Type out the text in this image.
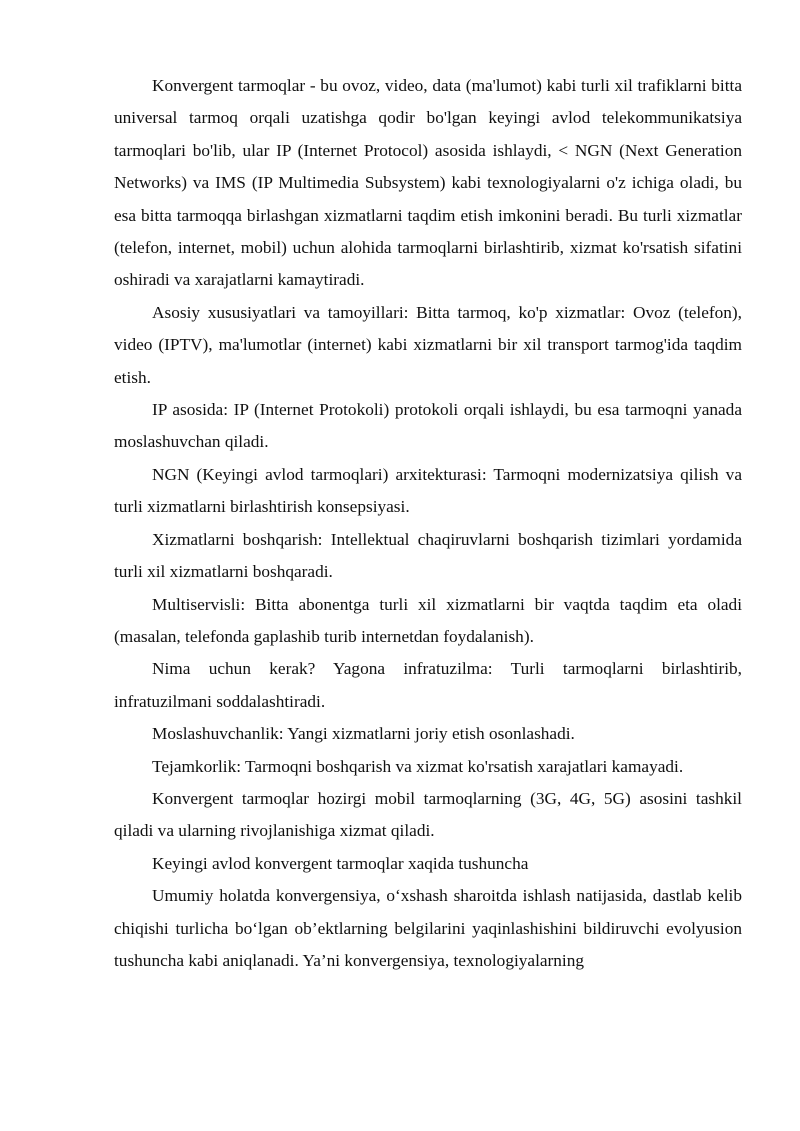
Konvergent tarmoqlar - bu ovoz, video, data (ma'lumot) kabi turli xil trafiklarni bitta universal tarmoq orqali uzatishga qodir bo'lgan keyingi avlod telekommunikatsiya tarmoqlari bo'lib, ular IP (Internet Protocol) asosida ishlaydi, < NGN (Next Generation Networks) va IMS (IP Multimedia Subsystem) kabi texnologiyalarni o'z ichiga oladi, bu esa bitta tarmoqqa birlashgan xizmatlarni taqdim etish imkonini beradi. Bu turli xizmatlar (telefon, internet, mobil) uchun alohida tarmoqlarni birlashtirib, xizmat ko'rsatish sifatini oshiradi va xarajatlarni kamaytiradi.

Asosiy xususiyatlari va tamoyillari: Bitta tarmoq, ko'p xizmatlar: Ovoz (telefon), video (IPTV), ma'lumotlar (internet) kabi xizmatlarni bir xil transport tarmog'ida taqdim etish.

IP asosida: IP (Internet Protokoli) protokoli orqali ishlaydi, bu esa tarmoqni yanada moslashuvchan qiladi.

NGN (Keyingi avlod tarmoqlari) arxitekturasi: Tarmoqni modernizatsiya qilish va turli xizmatlarni birlashtirish konsepsiyasi.

Xizmatlarni boshqarish: Intellektual chaqiruvlarni boshqarish tizimlari yordamida turli xil xizmatlarni boshqaradi.

Multiservisli: Bitta abonentga turli xil xizmatlarni bir vaqtda taqdim eta oladi (masalan, telefonda gaplashib turib internetdan foydalanish).

Nima uchun kerak? Yagona infratuzilma: Turli tarmoqlarni birlashtirib, infratuzilmani soddalashtiradi.

Moslashuvchanlik: Yangi xizmatlarni joriy etish osonlashadi.

Tejamkorlik: Tarmoqni boshqarish va xizmat ko'rsatish xarajatlari kamayadi.

Konvergent tarmoqlar hozirgi mobil tarmoqlarning (3G, 4G, 5G) asosini tashkil qiladi va ularning rivojlanishiga xizmat qiladi.

Keyingi avlod konvergent tarmoqlar xaqida tushuncha

Umumiy holatda konvergensiya, o‘xshash sharoitda ishlash natijasida, dastlab kelib chiqishi turlicha bo‘lgan ob’ektlarning belgilarini yaqinlashishini bildiruvchi evolyusion tushuncha kabi aniqlanadi. Ya’ni konvergensiya, texnologiyalarning
